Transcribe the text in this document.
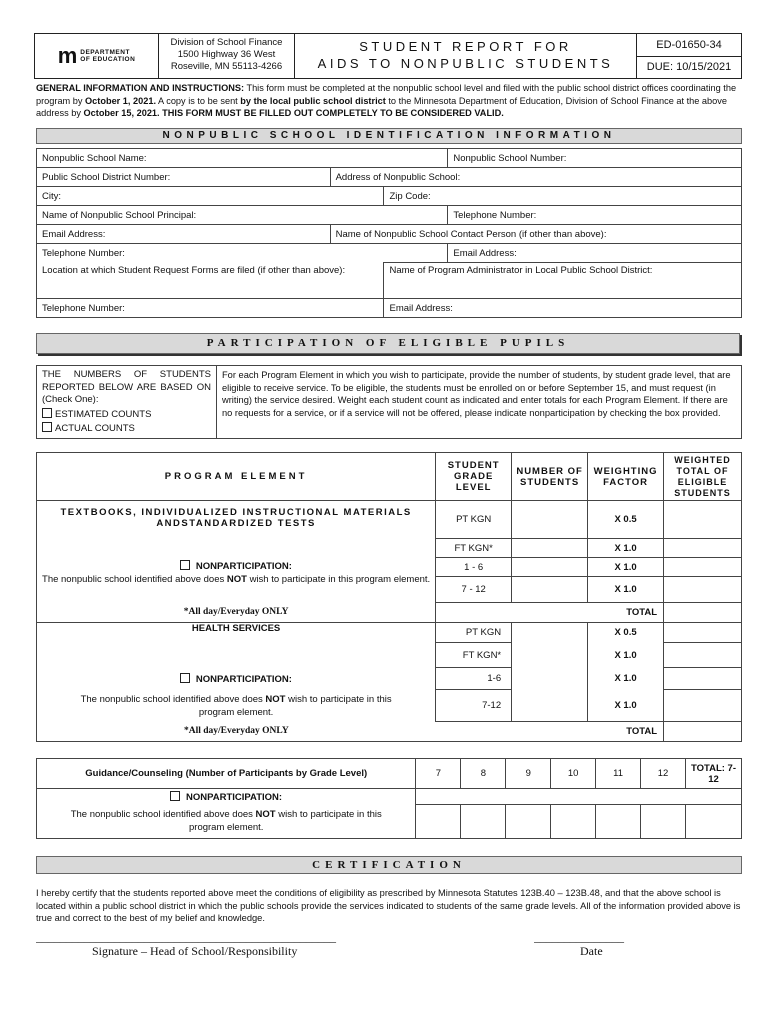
m DEPARTMENT
OF EDUCATION
Division of School Finance
1500 Highway 36 West
Roseville, MN 55113-4266
STUDENT REPORT FOR
AIDS TO NONPUBLIC STUDENTS
ED-01650-34
DUE: 10/15/2021
GENERAL INFORMATION AND INSTRUCTIONS: This form must be completed at the nonpublic school level and filed with the public school district offices coordinating the program by October 1, 2021. A copy is to be sent by the local public school district to the Minnesota Department of Education, Division of School Finance at the above address by October 15, 2021. THIS FORM MUST BE FILLED OUT COMPLETELY TO BE CONSIDERED VALID.
NONPUBLIC SCHOOL IDENTIFICATION INFORMATION
Nonpublic School Name:			Nonpublic School Number:
Public School District Number:	Address of Nonpublic School:		
City:		Zip Code:	
Name of Nonpublic School Principal:			Telephone Number:
Email Address:	Name of Nonpublic School Contact Person (if other than above):		
Telephone Number:			Email Address:
Location at which Student Request Forms are filed (if other than above):		Name of Program Administrator in Local Public School District:	
Telephone Number:		Email Address:	
PARTICIPATION OF ELIGIBLE PUPILS
THE NUMBERS OF STUDENTS REPORTED BELOW ARE BASED ON (Check One):
ESTIMATED COUNTS
ACTUAL COUNTS
For each Program Element in which you wish to participate, provide the number of students, by student grade level, that are eligible to receive service. To be eligible, the students must be enrolled on or before September 15, and must request (in writing) the service desired. Weight each student count as indicated and enter totals for each Program Element. If there are no requests for a service, or if a service will not be offered, please indicate nonparticipation by checking the box provided.
PROGRAM ELEMENT	STUDENT GRADE LEVEL	NUMBER OF STUDENTS	WEIGHTING FACTOR	WEIGHTED TOTAL OF ELIGIBLE STUDENTS
TEXTBOOKS, INDIVIDUALIZED INSTRUCTIONAL MATERIALS ANDSTANDARDIZED TESTS	PT KGN		X 0.5	
	FT KGN*		X 1.0	

NONPARTICIPATION:
The nonpublic school identified above does NOT wish to participate in this program element.	1 - 6		X 1.0	
	7 - 12		X 1.0	
*All day/Everyday ONLY	TOTAL			
HEALTH SERVICES	PT KGN		X 0.5	
	FT KGN*		X 1.0	
NONPARTICIPATION:	1-6		X 1.0	
The nonpublic school identified above does NOT wish to participate in this program element.	7-12		X 1.0	
*All day/Everyday ONLY	TOTAL			
Guidance/Counseling (Number of Participants by Grade Level)	7	8	9	10	11	12	TOTAL: 7-12
NONPARTICIPATION:							
The nonpublic school identified above does NOT wish to participate in this program element.							
CERTIFICATION
I hereby certify that the students reported above meet the conditions of eligibility as prescribed by Minnesota Statutes 123B.40 – 123B.48, and that the above school is located within a public school district in which the public schools provide the services indicated to students of the same grade levels. All of the information provided above is true and correct to the best of my belief and knowledge.
__________________________________________________	_______________
Signature – Head of School/Responsibility	Date
